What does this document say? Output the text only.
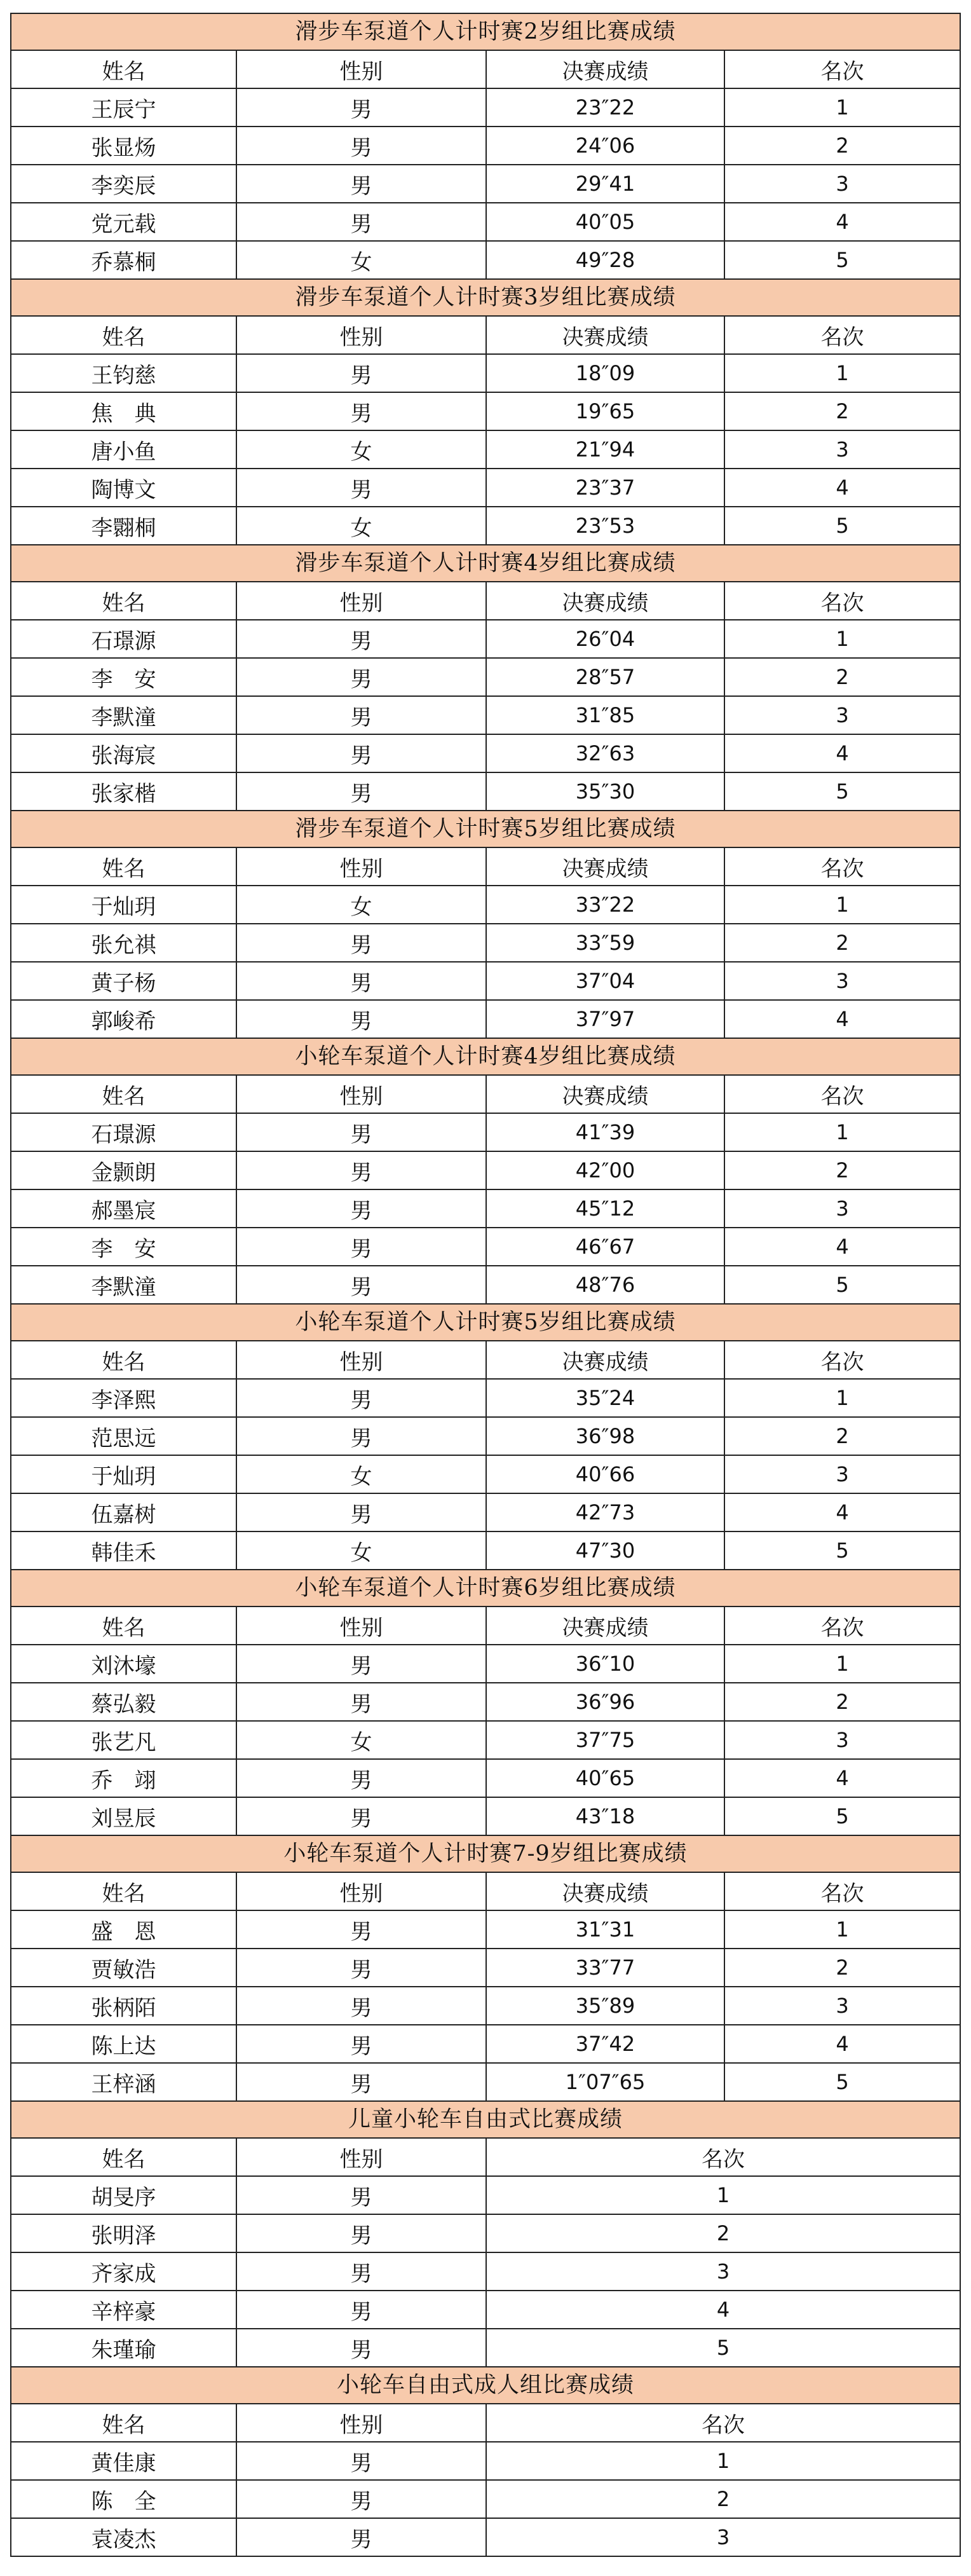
滑步车泵道个人计时赛2岁组比赛成绩
姓名	性别	决赛成绩	名次
王辰宁	男	23″22	1
张显炀	男	24″06	2
李奕辰	男	29″41	3
党元载	男	40″05	4
乔慕桐	女	49″28	5
滑步车泵道个人计时赛3岁组比赛成绩
姓名	性别	决赛成绩	名次
王钧慈	男	18″09	1
焦　典	男	19″65	2
唐小鱼	女	21″94	3
陶博文	男	23″37	4
李翾桐	女	23″53	5
滑步车泵道个人计时赛4岁组比赛成绩
姓名	性别	决赛成绩	名次
石璟源	男	26″04	1
李　安	男	28″57	2
李默潼	男	31″85	3
张海宸	男	32″63	4
张家楷	男	35″30	5
滑步车泵道个人计时赛5岁组比赛成绩
姓名	性别	决赛成绩	名次
于灿玥	女	33″22	1
张允祺	男	33″59	2
黄子杨	男	37″04	3
郭峻希	男	37″97	4
小轮车泵道个人计时赛4岁组比赛成绩
姓名	性别	决赛成绩	名次
石璟源	男	41″39	1
金颢朗	男	42″00	2
郝墨宸	男	45″12	3
李　安	男	46″67	4
李默潼	男	48″76	5
小轮车泵道个人计时赛5岁组比赛成绩
姓名	性别	决赛成绩	名次
李泽熙	男	35″24	1
范思远	男	36″98	2
于灿玥	女	40″66	3
伍嘉树	男	42″73	4
韩佳禾	女	47″30	5
小轮车泵道个人计时赛6岁组比赛成绩
姓名	性别	决赛成绩	名次
刘沐壕	男	36″10	1
蔡弘毅	男	36″96	2
张艺凡	女	37″75	3
乔　翊	男	40″65	4
刘昱辰	男	43″18	5
小轮车泵道个人计时赛7-9岁组比赛成绩
姓名	性别	决赛成绩	名次
盛　恩	男	31″31	1
贾敏浩	男	33″77	2
张柄陌	男	35″89	3
陈上达	男	37″42	4
王梓涵	男	1″07″65	5
儿童小轮车自由式比赛成绩
姓名	性别	名次
胡旻序	男	1
张明泽	男	2
齐家成	男	3
辛梓豪	男	4
朱瑾瑜	男	5
小轮车自由式成人组比赛成绩
姓名	性别	名次
黄佳康	男	1
陈　全	男	2
袁凌杰	男	3
